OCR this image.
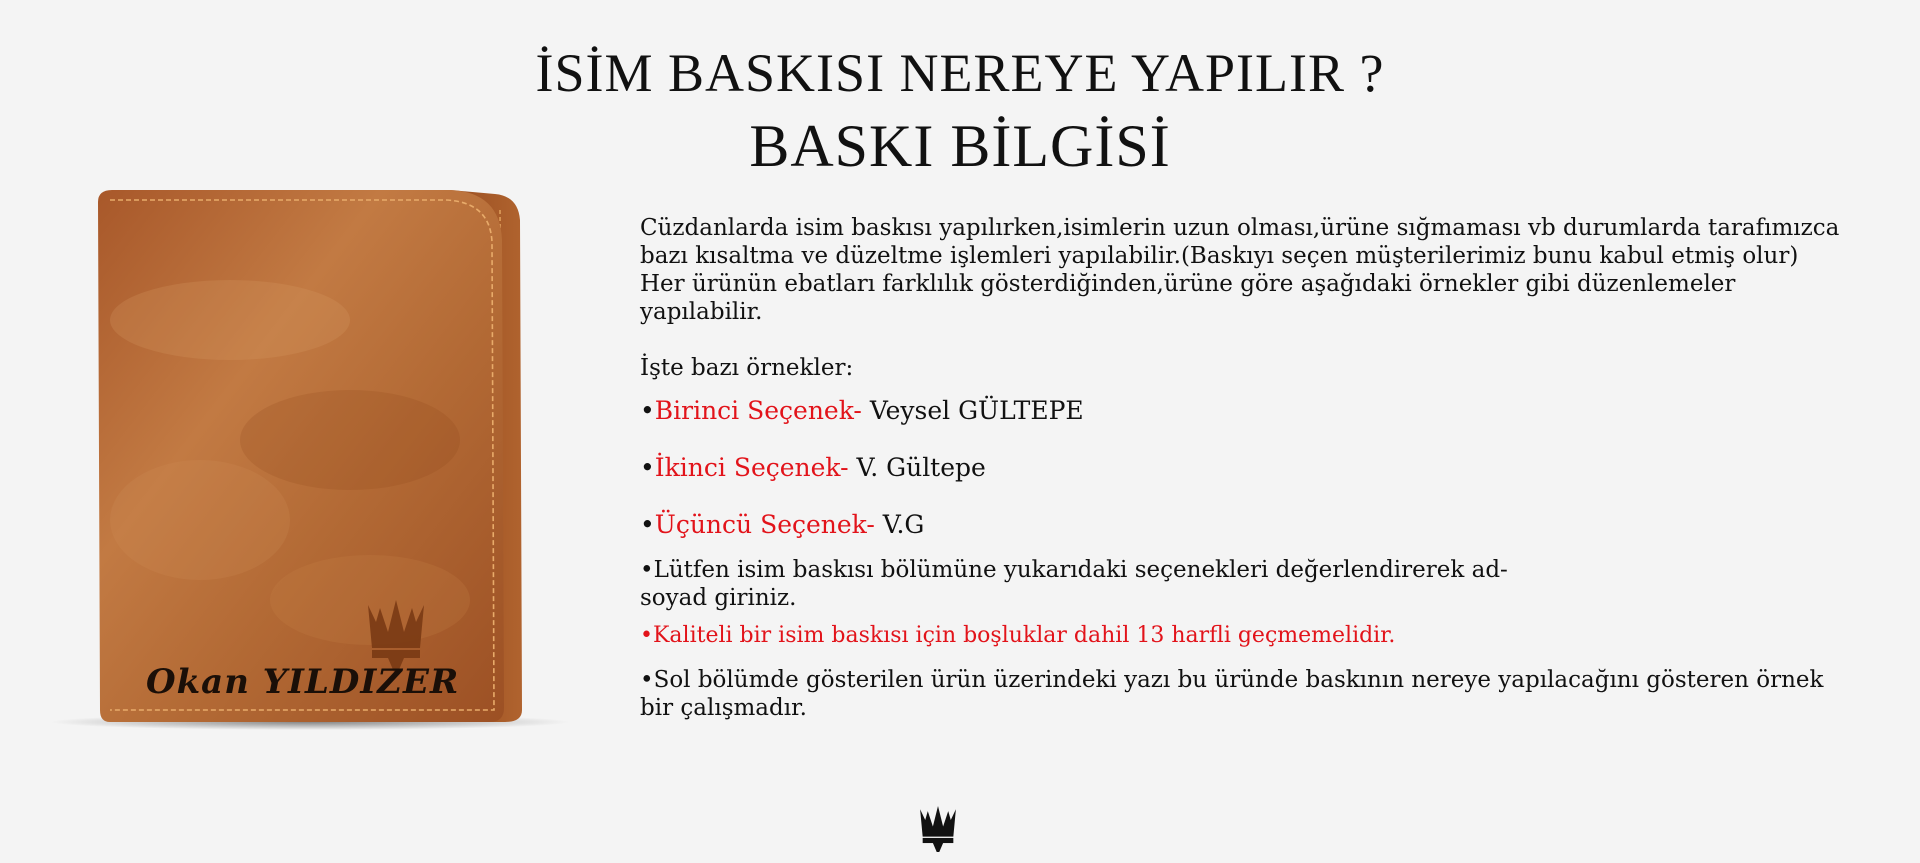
İSİM BASKISI NEREYE YAPILIR ?
BASKI BİLGİSİ
Okan YILDIZER

Cüzdanlarda isim baskısı yapılırken,isimlerin uzun olması,ürüne sığmaması vb durumlarda tarafımızca bazı kısaltma ve düzeltme işlemleri yapılabilir.(Baskıyı seçen müşterilerimiz bunu kabul etmiş olur) Her ürünün ebatları farklılık gösterdiğinden,ürüne göre aşağıdaki örnekler gibi düzenlemeler yapılabilir.

İşte bazı örnekler:

•Birinci Seçenek- Veysel GÜLTEPE

•İkinci Seçenek- V. Gültepe

•Üçüncü Seçenek- V.G

•Lütfen isim baskısı bölümüne yukarıdaki seçenekleri değerlendirerek ad-soyad giriniz.

•Kaliteli bir isim baskısı için boşluklar dahil 13 harfli geçmemelidir.

•Sol bölümde gösterilen ürün üzerindeki yazı bu üründe baskının nereye yapılacağını gösteren örnek bir çalışmadır.
